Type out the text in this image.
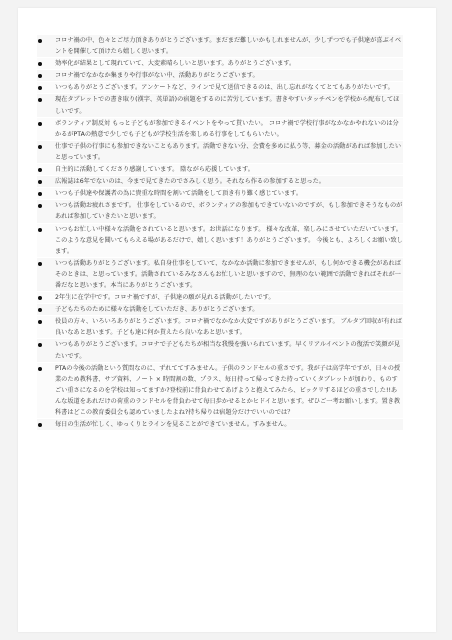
コロナ禍の中、色々とご尽力頂きありがとうございます。まだまだ難しいかもしれませんが、少しずつでも子供達が喜ぶイベントを開催して頂けたら嬉しく思います。
効率化が結果として現れていて、大変素晴らしいと思います。ありがとうございます。
コロナ禍でなかなか集まりや行事がない中、活動ありがとうございます。
いつもありがとうございます。アンケートなど、ラインで見て送信できるのは、出し忘れがなくてとてもありがたいです。
現在タブレットでの書き取り(漢字、英単語)の宿題をするのに苦労しています。書きやすいタッチペンを学校から配布してほしいです。
ボランティア制反対 もっと子どもが参加できるイベントをやって貰いたい。 コロナ禍で学校行事がなかなかやれないのは分かるがPTAの熱意で少しでも子どもが学校生活を楽しめる行事をしてもらいたい。
仕事で子供の行事にも参加できないこともあります。活動できない分、会費を多めに払う等、募金の活動があれば参加したいと思っています。
自主的に活動してくださり感謝しています。 陰ながら応援しています。
広報誌は6年でないのは、今まで見てきたのでさみしく思う。それなら作るの参加すると思った。
いつも子供達や保護者の為に貴重な時間を割いて活動をして頂き有り難く感じています。
いつも活動お疲れさまです。 仕事をしているので、ボランティアの参加もできていないのですが、もし参加できそうなものがあれば参加していきたいと思います。
いつもお忙しい中様々な活動をされていると思います。お世話になります。 様々な改革、楽しみにさせていただいています。このような意見を聞いてもらえる場があるだけで、嬉しく思います！ありがとうございます。 今後とも、よろしくお願い致します。
いつも活動ありがとうございます。私自身仕事をしていて、なかなか活動に参加できませんが、もし何かできる機会があればそのときは、と思っています。活動されているみなさんもお忙しいと思いますので、無理のない範囲で活動できればそれが一番だなと思います。本当にありがとうございます。
2年生に在学中です。コロナ禍ですが、子供達の願が見れる活動がしたいです。
子どもたちのために様々な活動をしていただき、ありがとうございます。
役員の方々、いろいろありがとうございます。コロナ禍でなかなか大変ですがありがとうございます。 ブルタブ回収が有れば良いなあと思います。子ども達に何か貰えたら良いなあと思います。
いつもありがとうございます。コロナで子どもたちが相当な我慢を強いられています。早くリアルイベントの復活で笑顔が見たいです。
PTAの今後の活動という質問なのに、ずれててすみません。子供のランドセルの重さです。我が子は高学年ですが、日々の授業のため教科書、サブ資料、ノート × 時間割の数、プラス、毎日持って帰ってきた持っていくタブレットが加わり、ものすごい重さになるのを学校は知ってますか?登校前に背負わせてあげようと抱えてみたら、ビックリするほどの重さでした!!あんな坂道をあれだけの荷重のランドセルを背負わせて毎日歩かせるとかヒドイと思います。ぜひご一考お願いします。置き教科書はどこの教育委員会も認めていましたよね?持ち帰りは宿題分だけでいいのでは？
毎日の生活が忙しく、ゆっくりとラインを見ることができていません。すみません。
